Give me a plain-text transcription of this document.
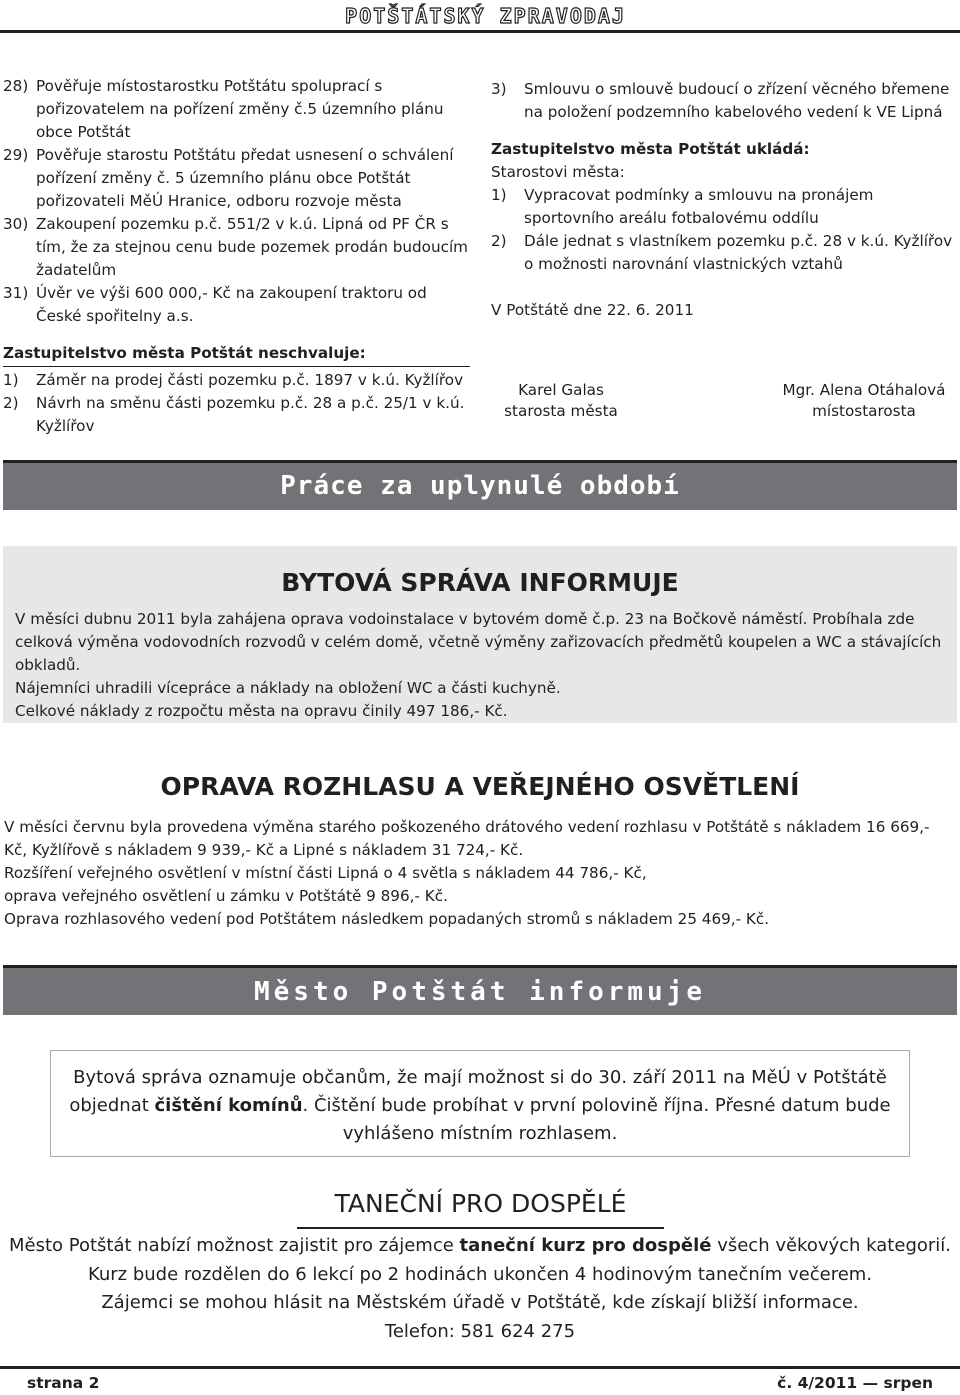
POTŠTÁTSKÝ ZPRAVODAJ
28) Pověřuje místostarostku Potštátu spoluprací s pořizovatelem na pořízení změny č.5 územního plánu obce Potštát
29) Pověřuje starostu Potštátu předat usnesení o schválení pořízení změny č. 5 územního plánu obce Potštát pořizovateli MěÚ Hranice, odboru rozvoje města
30) Zakoupení pozemku p.č. 551/2 v k.ú. Lipná od PF ČR s tím, že za stejnou cenu bude pozemek prodán budoucím žadatelům
31) Úvěr ve výši 600 000,- Kč na zakoupení traktoru od České spořitelny a.s.
Zastupitelstvo města Potštát neschvaluje:
1)	Záměr na prodej části pozemku p.č. 1897 v k.ú. Kyžlířov
2)	Návrh na směnu části pozemku p.č. 28 a p.č. 25/1 v k.ú. Kyžlířov
3)	Smlouvu o smlouvě budoucí o zřízení věcného břemene na položení podzemního kabelového vedení k VE Lipná
Zastupitelstvo města Potštát ukládá:
Starostovi města:
1)	Vypracovat podmínky a smlouvu na pronájem sportovního areálu fotbalovému oddílu
2)	Dále jednat s vlastníkem pozemku p.č. 28 v k.ú. Kyžlířov o možnosti narovnání vlastnických vztahů
V Potštátě dne 22. 6. 2011
Karel Galas
starosta města
Mgr. Alena Otáhalová
místostarosta
Práce za uplynulé období
BYTOVÁ SPRÁVA INFORMUJE
V měsíci dubnu 2011 byla zahájena oprava vodoinstalace v bytovém domě č.p. 23 na Bočkově náměstí. Probíhala zde celková výměna vodovodních rozvodů v celém domě, včetně výměny zařizovacích předmětů koupelen a WC a stávajících obkladů.
Nájemníci uhradili vícepráce a náklady na obložení WC a části kuchyně.
Celkové náklady z rozpočtu města na opravu činily 497 186,- Kč.
OPRAVA ROZHLASU A VEŘEJNÉHO OSVĚTLENÍ
V měsíci červnu byla provedena výměna starého poškozeného drátového vedení rozhlasu v Potštátě s nákladem 16 669,- Kč, Kyžlířově s nákladem 9 939,- Kč a Lipné s nákladem 31 724,- Kč.
Rozšíření veřejného osvětlení v místní části Lipná o 4 světla s nákladem 44 786,- Kč,
oprava veřejného osvětlení u zámku v Potštátě 9 896,- Kč.
Oprava rozhlasového vedení pod Potštátem následkem popadaných stromů s nákladem 25 469,- Kč.
Město Potštát informuje
Bytová správa oznamuje občanům, že mají možnost si do 30. září 2011 na MěÚ v Potštátě objednat čištění komínů. Čištění bude probíhat v první polovině října. Přesné datum bude vyhlášeno místním rozhlasem.
TANEČNÍ PRO DOSPĚLÉ
Město Potštát nabízí možnost zajistit pro zájemce taneční kurz pro dospělé všech věkových kategorií.
Kurz bude rozdělen do 6 lekcí po 2 hodinách ukončen 4 hodinovým tanečním večerem.
Zájemci se mohou hlásit na Městském úřadě v Potštátě, kde získají bližší informace.
Telefon: 581 624 275
strana 2	č. 4/2011 — srpen
